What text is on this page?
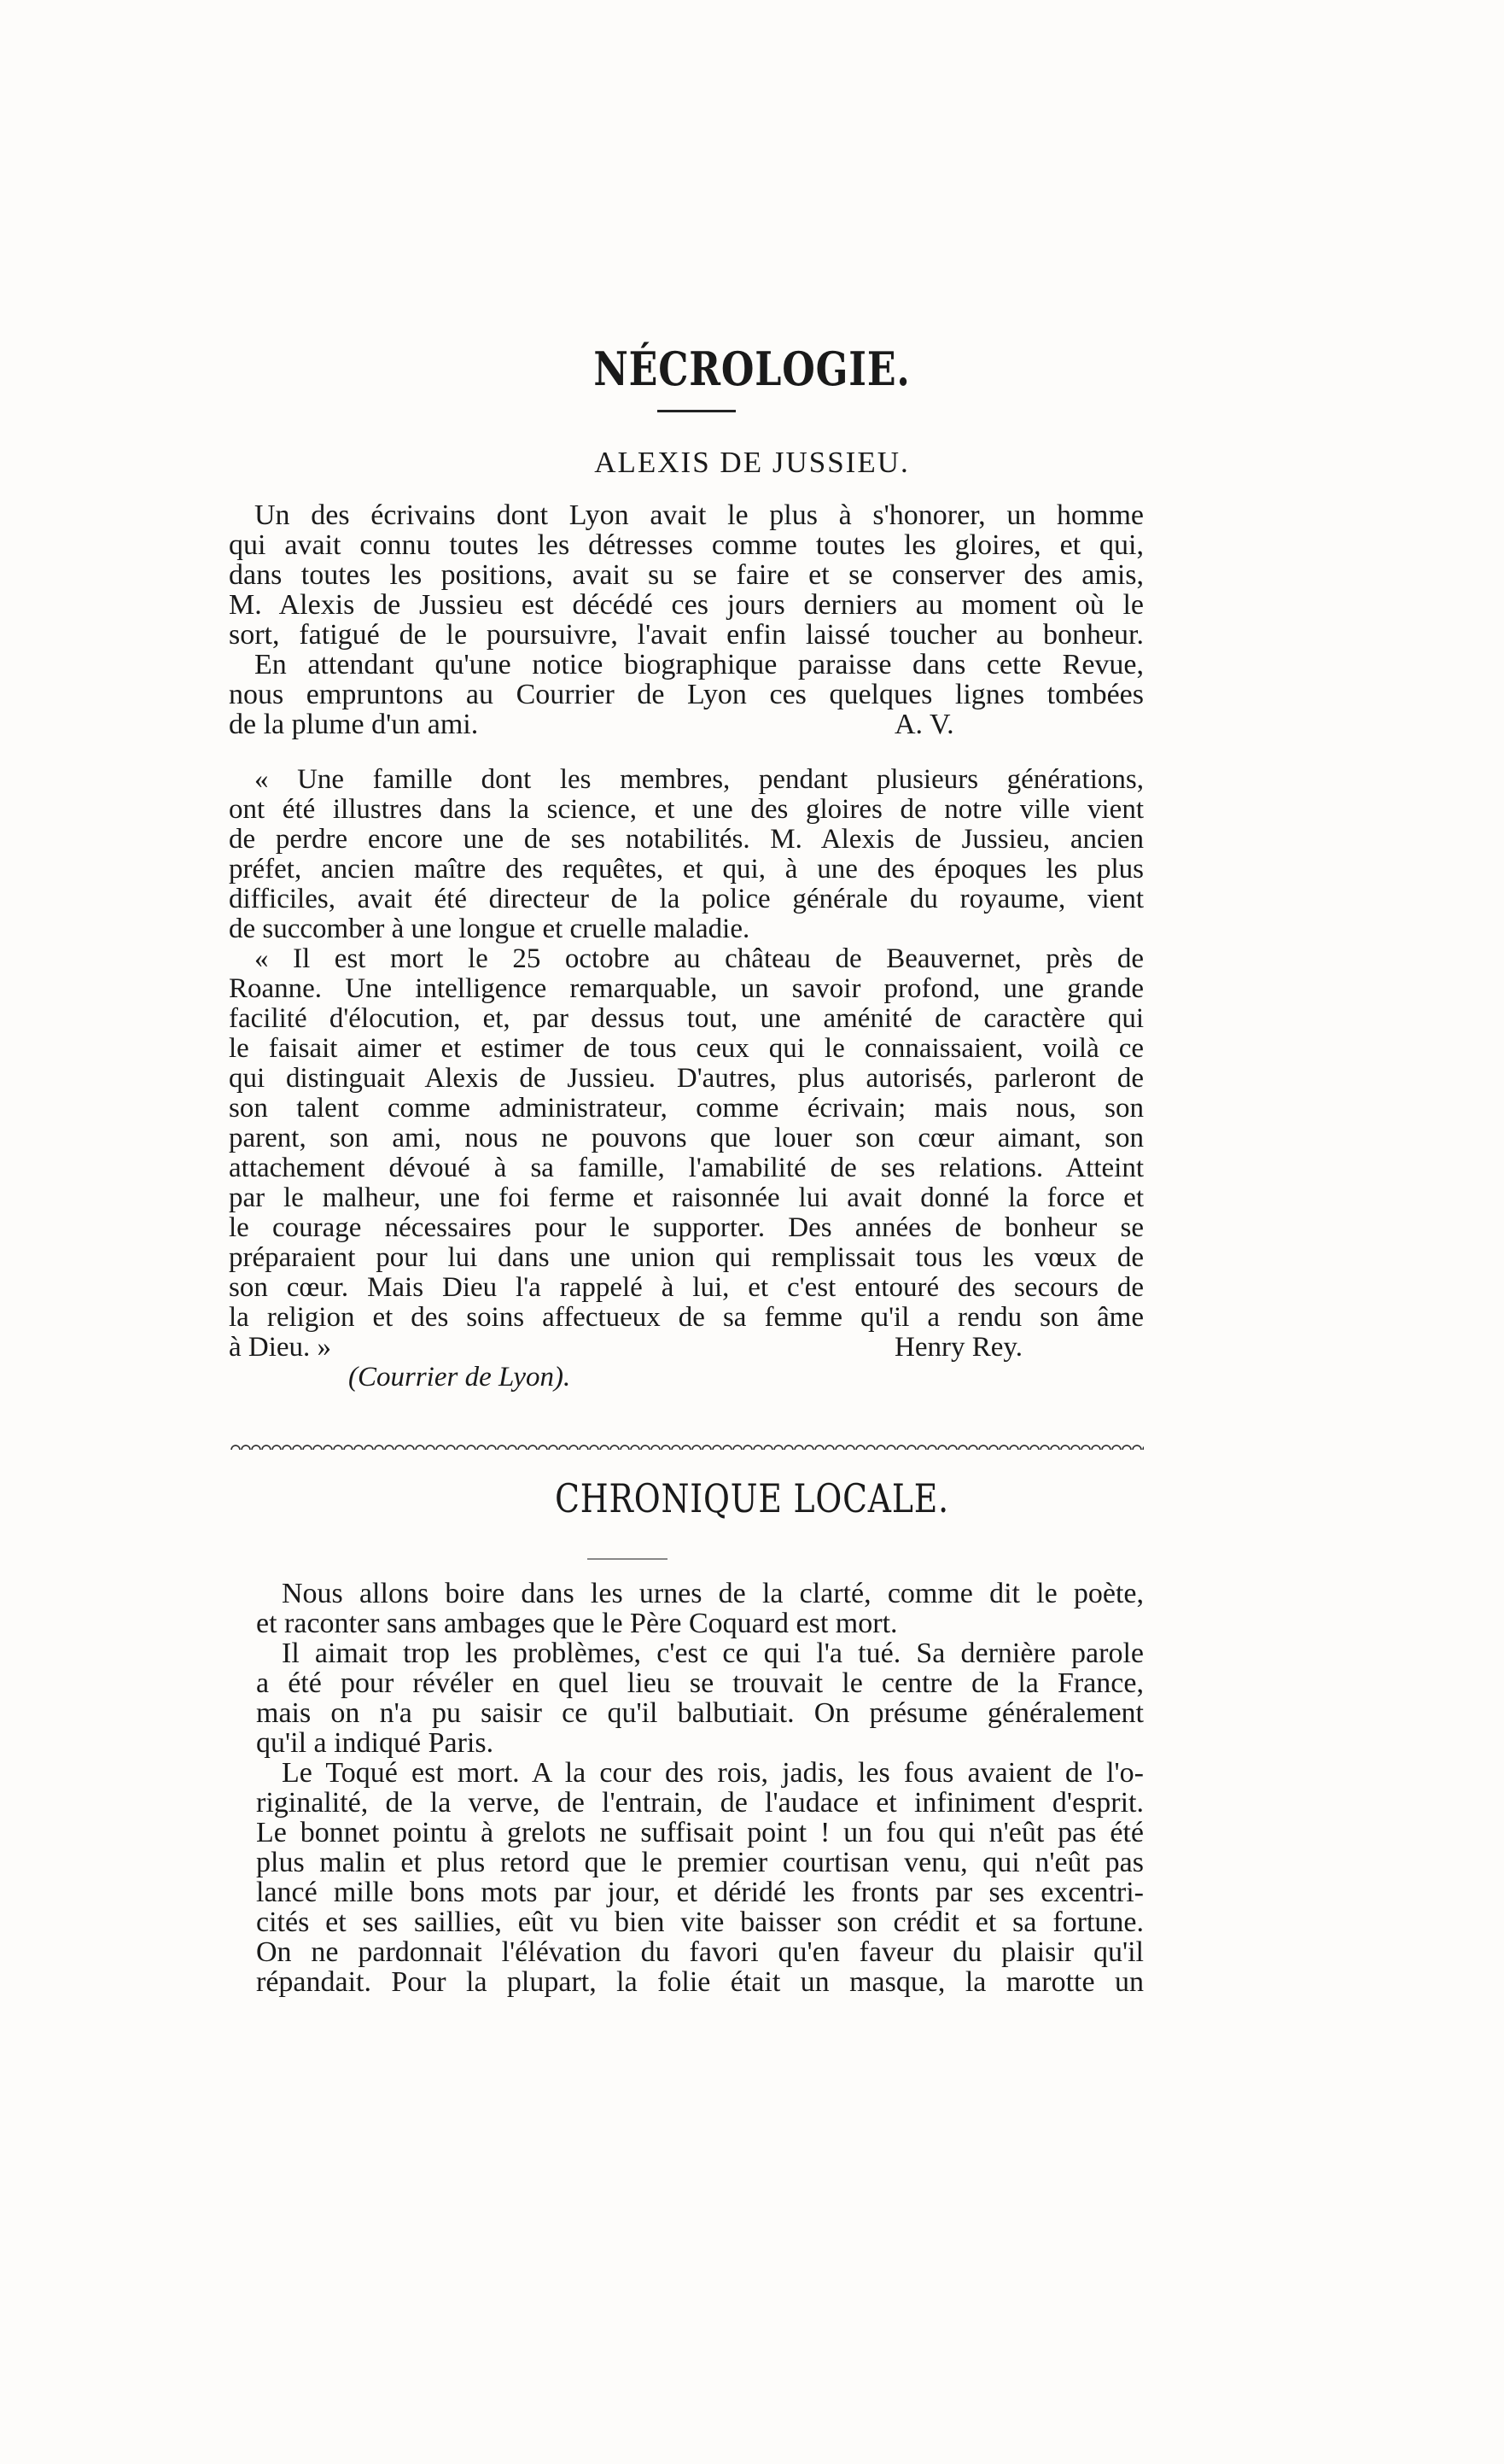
NÉCROLOGIE.
ALEXIS DE JUSSIEU.
Un des écrivains dont Lyon avait le plus à s'honorer, un homme
qui avait connu toutes les détresses comme toutes les gloires, et qui,
dans toutes les positions, avait su se faire et se conserver des amis,
M. Alexis de Jussieu est décédé ces jours derniers au moment où le
sort, fatigué de le poursuivre, l'avait enfin laissé toucher au bonheur.
En attendant qu'une notice biographique paraisse dans cette Revue,
nous empruntons au Courrier de Lyon ces quelques lignes tombées
de la plume d'un ami.	A. V.
« Une famille dont les membres, pendant plusieurs générations,
ont été illustres dans la science, et une des gloires de notre ville vient
de perdre encore une de ses notabilités. M. Alexis de Jussieu, ancien
préfet, ancien maître des requêtes, et qui, à une des époques les plus
difficiles, avait été directeur de la police générale du royaume, vient
de succomber à une longue et cruelle maladie.
« Il est mort le 25 octobre au château de Beauvernet, près de
Roanne. Une intelligence remarquable, un savoir profond, une grande
facilité d'élocution, et, par dessus tout, une aménité de caractère qui
le faisait aimer et estimer de tous ceux qui le connaissaient, voilà ce
qui distinguait Alexis de Jussieu. D'autres, plus autorisés, parleront de
son talent comme administrateur, comme écrivain; mais nous, son
parent, son ami, nous ne pouvons que louer son cœur aimant, son
attachement dévoué à sa famille, l'amabilité de ses relations. Atteint
par le malheur, une foi ferme et raisonnée lui avait donné la force et
le courage nécessaires pour le supporter. Des années de bonheur se
préparaient pour lui dans une union qui remplissait tous les vœux de
son cœur. Mais Dieu l'a rappelé à lui, et c'est entouré des secours de
la religion et des soins affectueux de sa femme qu'il a rendu son âme
à Dieu. »	Henry Rey.
(Courrier de Lyon).
CHRONIQUE LOCALE.
Nous allons boire dans les urnes de la clarté, comme dit le poète,
et raconter sans ambages que le Père Coquard est mort.
Il aimait trop les problèmes, c'est ce qui l'a tué. Sa dernière parole
a été pour révéler en quel lieu se trouvait le centre de la France,
mais on n'a pu saisir ce qu'il balbutiait. On présume généralement
qu'il a indiqué Paris.
Le Toqué est mort. A la cour des rois, jadis, les fous avaient de l'o-
riginalité, de la verve, de l'entrain, de l'audace et infiniment d'esprit.
Le bonnet pointu à grelots ne suffisait point ! un fou qui n'eût pas été
plus malin et plus retord que le premier courtisan venu, qui n'eût pas
lancé mille bons mots par jour, et déridé les fronts par ses excentri-
cités et ses saillies, eût vu bien vite baisser son crédit et sa fortune.
On ne pardonnait l'élévation du favori qu'en faveur du plaisir qu'il
répandait. Pour la plupart, la folie était un masque, la marotte un
